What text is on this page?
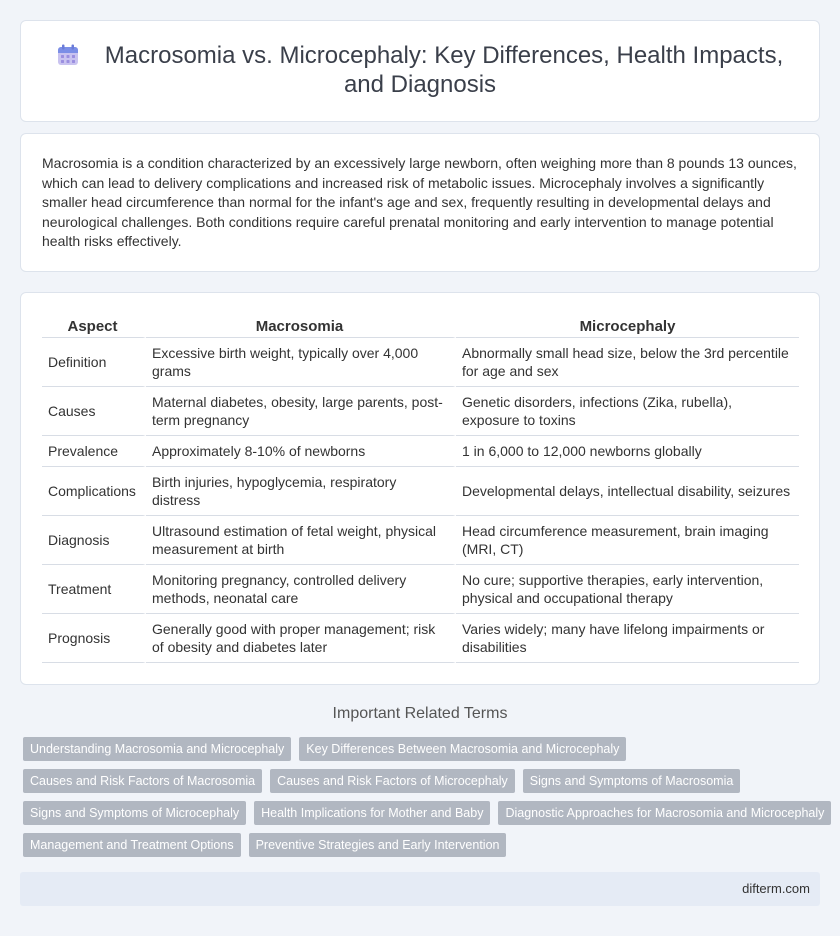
Macrosomia vs. Microcephaly: Key Differences, Health Impacts, and Diagnosis

Macrosomia is a condition characterized by an excessively large newborn, often weighing more than 8 pounds 13 ounces, which can lead to delivery complications and increased risk of metabolic issues. Microcephaly involves a significantly smaller head circumference than normal for the infant's age and sex, frequently resulting in developmental delays and neurological challenges. Both conditions require careful prenatal monitoring and early intervention to manage potential health risks effectively.

Aspect	Macrosomia	Microcephaly
Definition	Excessive birth weight, typically over 4,000 grams	Abnormally small head size, below the 3rd percentile for age and sex
Causes	Maternal diabetes, obesity, large parents, post-term pregnancy	Genetic disorders, infections (Zika, rubella), exposure to toxins
Prevalence	Approximately 8-10% of newborns	1 in 6,000 to 12,000 newborns globally
Complications	Birth injuries, hypoglycemia, respiratory distress	Developmental delays, intellectual disability, seizures
Diagnosis	Ultrasound estimation of fetal weight, physical measurement at birth	Head circumference measurement, brain imaging (MRI, CT)
Treatment	Monitoring pregnancy, controlled delivery methods, neonatal care	No cure; supportive therapies, early intervention, physical and occupational therapy
Prognosis	Generally good with proper management; risk of obesity and diabetes later	Varies widely; many have lifelong impairments or disabilities
Important Related Terms
Understanding Macrosomia and Microcephaly	Key Differences Between Macrosomia and Microcephaly
Causes and Risk Factors of Macrosomia	Causes and Risk Factors of Microcephaly	Signs and Symptoms of Macrosomia
Signs and Symptoms of Microcephaly	Health Implications for Mother and Baby	Diagnostic Approaches for Macrosomia and Microcephaly
Management and Treatment Options	Preventive Strategies and Early Intervention
difterm.com
